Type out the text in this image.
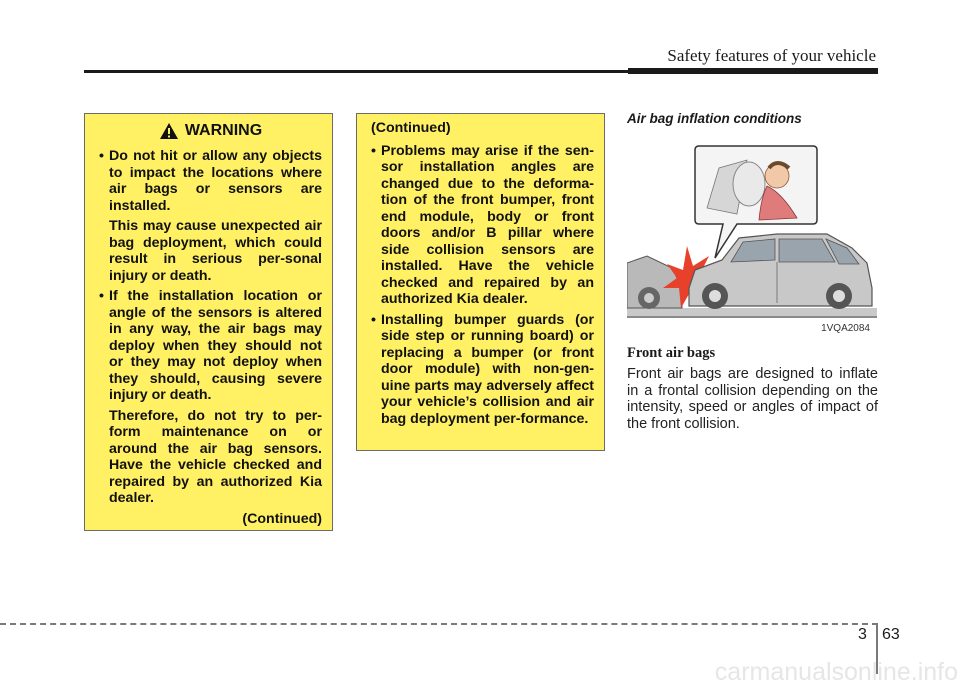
Safety features of your vehicle
WARNING
• Do not hit or allow any objects to impact the locations where air bags or sensors are installed.
This may cause unexpected air bag deployment, which could result in serious per-sonal injury or death.
• If the installation location or angle of the sensors is altered in any way, the air bags may deploy when they should not or they may not deploy when they should, causing severe injury or death.
Therefore, do not try to per-form maintenance on or around the air bag sensors. Have the vehicle checked and repaired by an authorized Kia dealer.
(Continued)
(Continued)
• Problems may arise if the sen-sor installation angles are changed due to the deforma-tion of the front bumper, front end module, body or front doors and/or B pillar where side collision sensors are installed. Have the vehicle checked and repaired by an authorized Kia dealer.
• Installing bumper guards (or side step or running board) or replacing a bumper (or front door module) with non-gen-uine parts may adversely affect your vehicle’s collision and air bag deployment per-formance.
Air bag inflation conditions
1VQA2084
Front air bags
Front air bags are designed to inflate in a frontal collision depending on the intensity, speed or angles of impact of the front collision.
3 63
carmanualsonline.info
